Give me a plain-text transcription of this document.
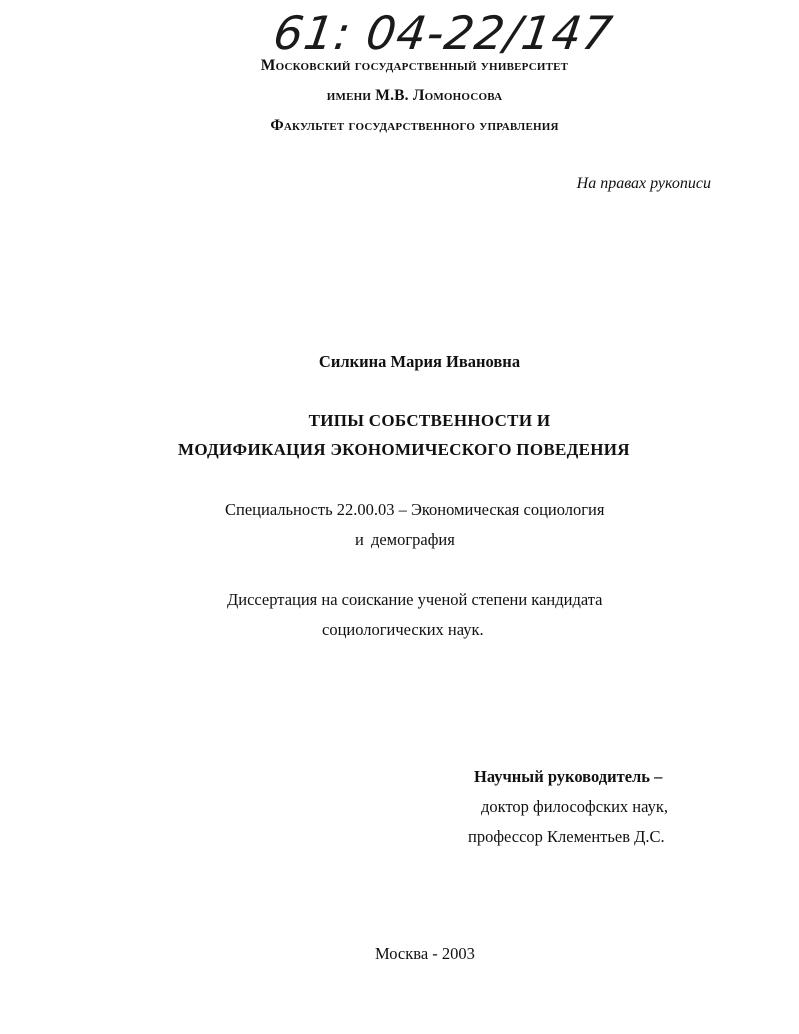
61: 04-22/147
Московский государственный университет
имени М.В. Ломоносова
Факультет государственного управления
На правах рукописи
Силкина Мария Ивановна
ТИПЫ СОБСТВЕННОСТИ И
МОДИФИКАЦИЯ ЭКОНОМИЧЕСКОГО ПОВЕДЕНИЯ
Специальность 22.00.03 – Экономическая социология
и демография
Диссертация на соискание ученой степени кандидата
социологических наук.
Научный руководитель –
доктор философских наук,
профессор Клементьев Д.С.
Москва - 2003
